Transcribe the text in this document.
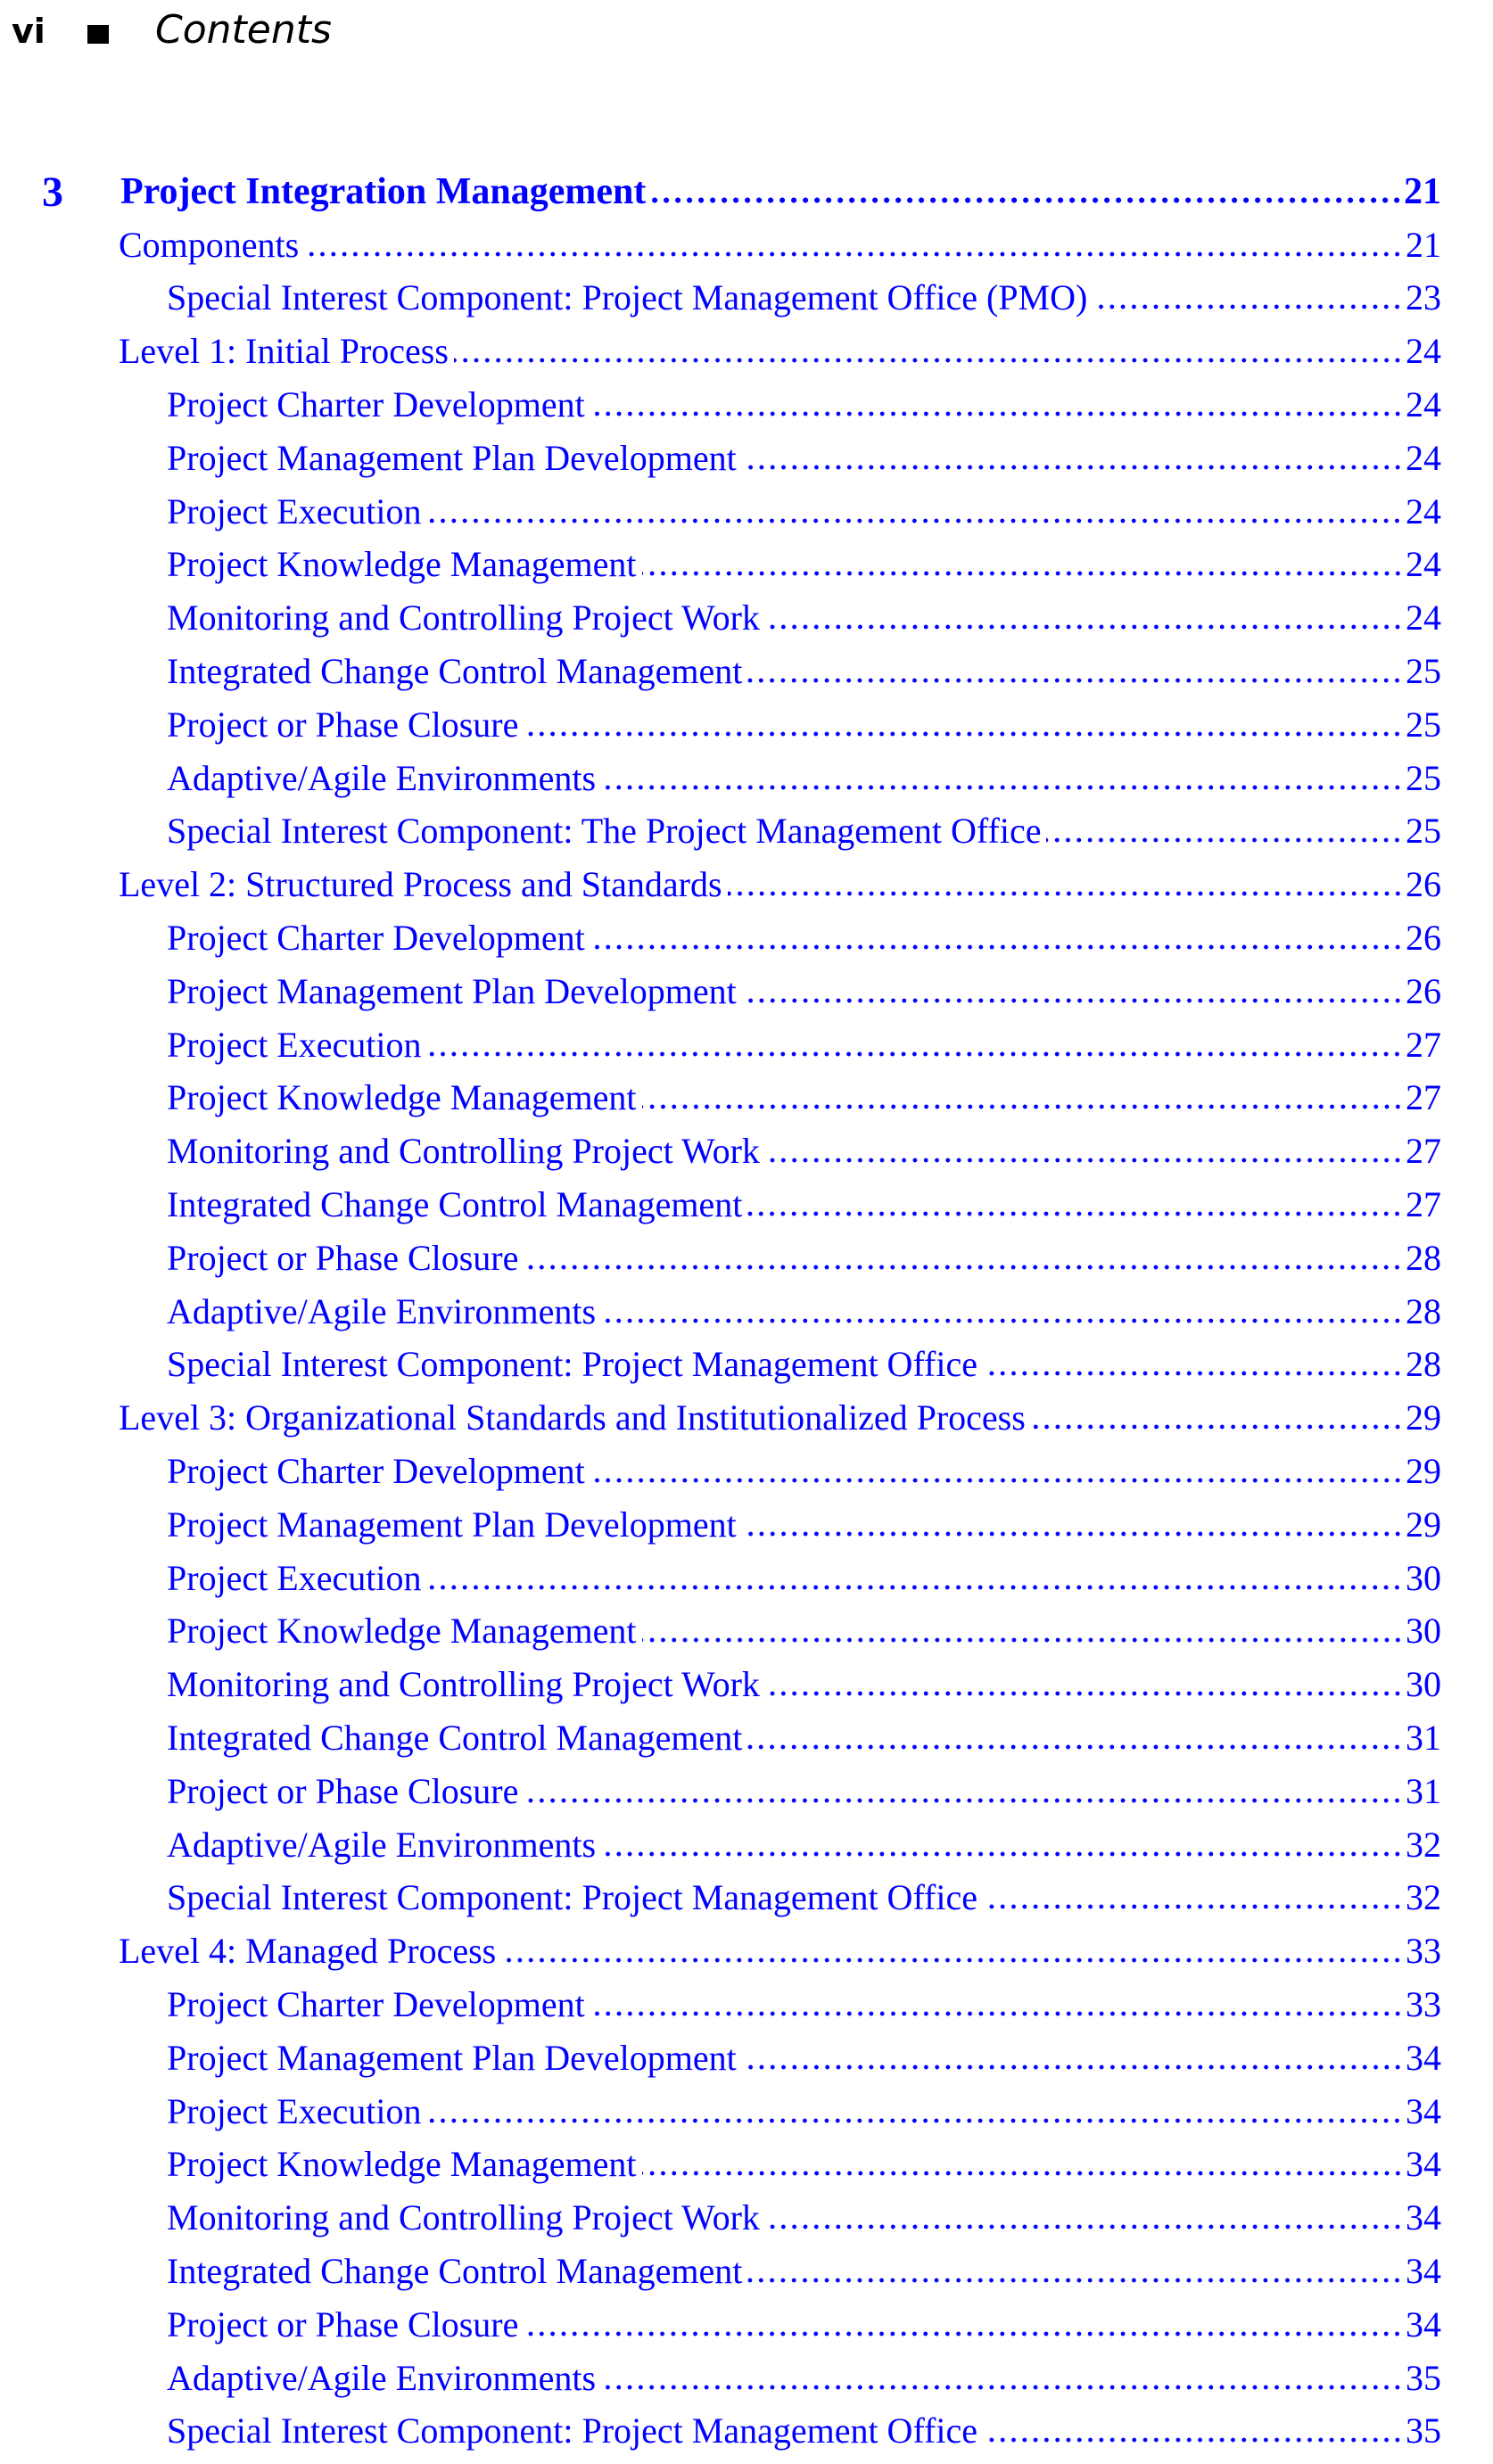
vi	Contents
3 Project Integration Management	21
Components	21
Special Interest Component: Project Management Office (PMO)	23
Level 1: Initial Process	24
Project Charter Development	24
Project Management Plan Development	24
Project Execution	24
Project Knowledge Management	24
Monitoring and Controlling Project Work	24
Integrated Change Control Management	25
Project or Phase Closure	25
Adaptive/Agile Environments	25
Special Interest Component: The Project Management Office	25
Level 2: Structured Process and Standards	26
Project Charter Development	26
Project Management Plan Development	26
Project Execution	27
Project Knowledge Management	27
Monitoring and Controlling Project Work	27
Integrated Change Control Management	27
Project or Phase Closure	28
Adaptive/Agile Environments	28
Special Interest Component: Project Management Office	28
Level 3: Organizational Standards and Institutionalized Process	29
Project Charter Development	29
Project Management Plan Development	29
Project Execution	30
Project Knowledge Management	30
Monitoring and Controlling Project Work	30
Integrated Change Control Management	31
Project or Phase Closure	31
Adaptive/Agile Environments	32
Special Interest Component: Project Management Office	32
Level 4: Managed Process	33
Project Charter Development	33
Project Management Plan Development	34
Project Execution	34
Project Knowledge Management	34
Monitoring and Controlling Project Work	34
Integrated Change Control Management	34
Project or Phase Closure	34
Adaptive/Agile Environments	35
Special Interest Component: Project Management Office	35
